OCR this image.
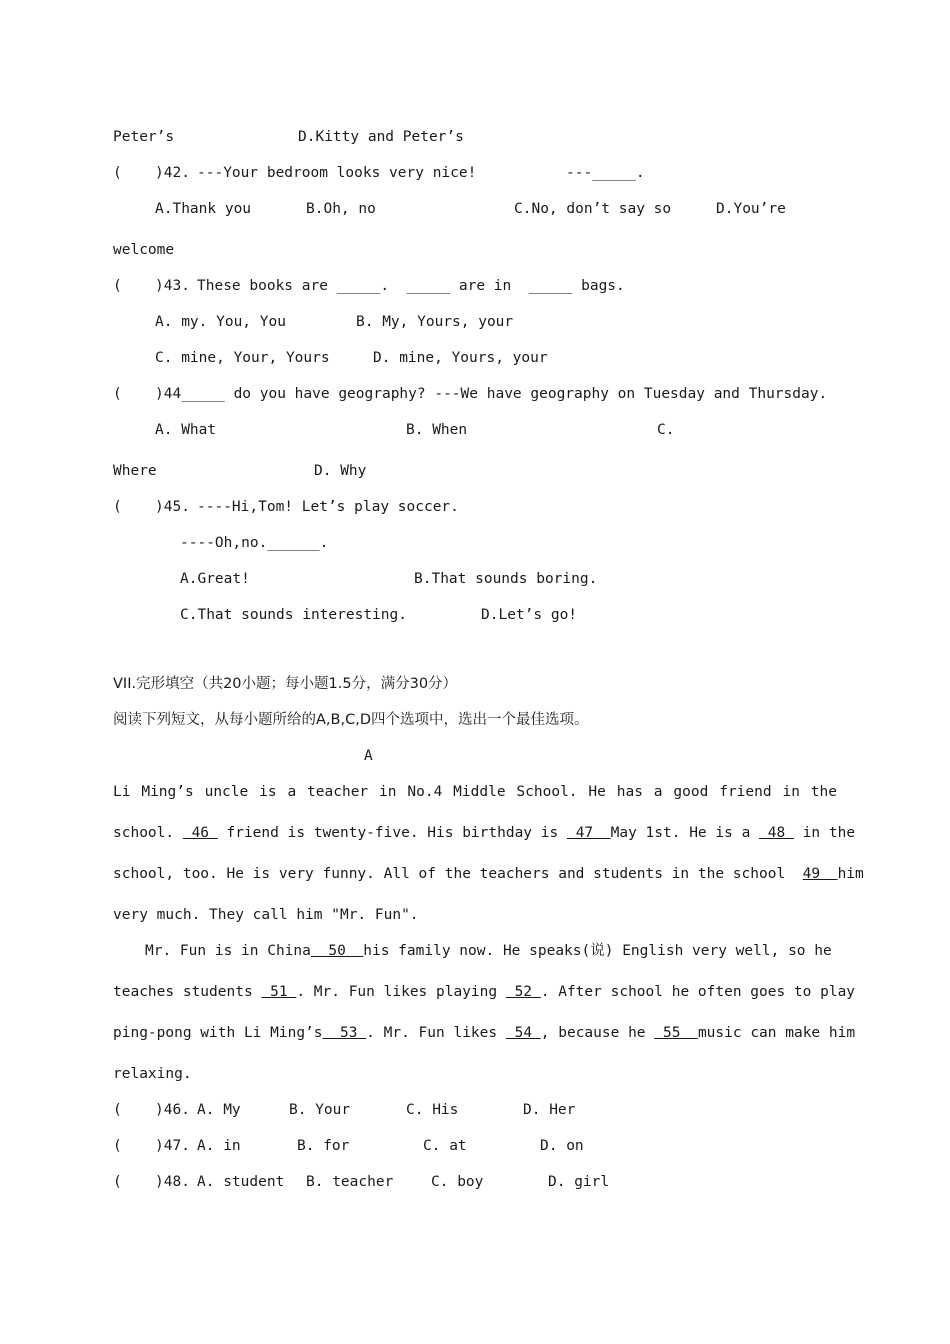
Peter’s	D.Kitty and Peter’s
( )42. ---Your bedroom looks very nice!	---_____.
A.Thank you	B.Oh, no	C.No, don’t say so	D.You’re
welcome
( )43. These books are _____.  _____ are in  _____ bags.
A. my. You, You	B. My, Yours, your
C. mine, Your, Yours	D. mine, Yours, your
( )44_____ do you have geography? ---We have geography on Tuesday and Thursday.
A. What	B. When	C.
Where	D. Why
( )45. ----Hi,Tom! Let’s play soccer.
----Oh,no.______.
A.Great!	B.That sounds boring.
C.That sounds interesting.	D.Let’s go!
VII.完形填空（共20小题；每小题1.5分，满分30分）
阅读下列短文，从每小题所给的A,B,C,D四个选项中，选出一个最佳选项。
A
Li Ming’s uncle is a teacher in No.4 Middle School. He has a good friend in the
school.  46  friend is twenty-five. His birthday is  47  May 1st. He is a  48  in the
school, too. He is very funny. All of the teachers and students in the school  49  him
very much. They call him "Mr. Fun".
Mr. Fun is in China  50  his family now. He speaks(说) English very well, so he
teaches students  51 . Mr. Fun likes playing  52 . After school he often goes to play
ping-pong with Li Ming’s  53 . Mr. Fun likes  54 , because he  55  music can make him
relaxing.
( )46. A. My	B. Your	C. His	D. Her
( )47. A. in	B. for	C. at	D. on
( )48. A. student B. teacher	C. boy	D. girl
